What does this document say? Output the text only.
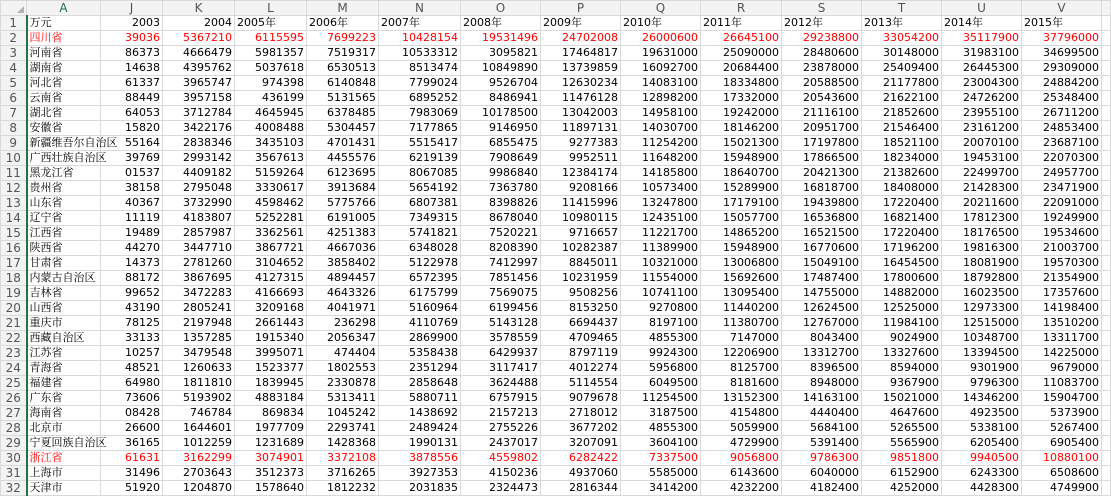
	A	J	K	L	M	N	O	P	Q	R	S	T	U	V	
1	万元	2003	2004	2005年	2006年	2007年	2008年	2009年	2010年	2011年	2012年	2013年	2014年	2015年	
2	四川省	39036	5367210	6115595	7699223	10428154	19531496	24702008	26000600	26645100	29238800	33054200	35117900	37796000	
3	河南省	86373	4666479	5981357	7519317	10533312	3095821	17464817	19631000	25090000	28480600	30148000	31983100	34699500	
4	湖南省	14638	4395762	5037618	6530513	8513474	10849890	13739859	16092700	20684400	23878000	25409400	26445300	29309000	
5	河北省	61337	3965747	974398	6140848	7799024	9526704	12630234	14083100	18334800	20588500	21177800	23004300	24884200	
6	云南省	88449	3957158	436199	5131565	6895252	8486941	11476128	12898200	17332000	20543600	21622100	24726200	25348400	
7	湖北省	64053	3712784	4645945	6378485	7983069	10178500	13042003	14958100	19242000	21116100	21852600	23955100	26711200	
8	安徽省	15820	3422176	4008488	5304457	7177865	9146950	11897131	14030700	18146200	20951700	21546400	23161200	24853400	
9	新疆维吾尔自治区	55164	2838346	3435103	4701431	5515417	6855475	9277383	11254200	15021300	17197800	18521100	20070100	23687100	
10	广西壮族自治区	39769	2993142	3567613	4455576	6219139	7908649	9952511	11648200	15948900	17866500	18234000	19453100	22070300	
11	黑龙江省	01537	4409182	5159264	6123695	8067085	9986840	12384174	14185800	18640700	20421300	21382600	22499700	24957700	
12	贵州省	38158	2795048	3330617	3913684	5654192	7363780	9208166	10573400	15289900	16818700	18408000	21428300	23471900	
13	山东省	40367	3732990	4598462	5775766	6807381	8398826	11415996	13247800	17179100	19439800	17220400	20211600	22091000	
14	辽宁省	11119	4183807	5252281	6191005	7349315	8678040	10980115	12435100	15057700	16536800	16821400	17812300	19249900	
15	江西省	19489	2857987	3362561	4251383	5741821	7520221	9716657	11221700	14865200	16521500	17220400	18176500	19534600	
16	陕西省	44270	3447710	3867721	4667036	6348028	8208390	10282387	11389900	15948900	16770600	17196200	19816300	21003700	
17	甘肃省	14373	2781260	3104652	3858402	5122978	7412997	8845011	10321000	13006800	15049100	16454500	18081900	19570300	
18	内蒙古自治区	88172	3867695	4127315	4894457	6572395	7851456	10231959	11554000	15692600	17487400	17800600	18792800	21354900	
19	吉林省	99652	3472283	4166693	4643326	6175799	7569075	9508256	10741100	13095400	14755000	14882000	16023500	17357600	
20	山西省	43190	2805241	3209168	4041971	5160964	6199456	8153250	9270800	11440200	12624500	12525000	12973300	14198400	
21	重庆市	78125	2197948	2661443	236298	4110769	5143128	6694437	8197100	11380700	12767000	11984100	12515000	13510200	
22	西藏自治区	33133	1357285	1915340	2056347	2869900	3578559	4709465	4855300	7147000	8043400	9024900	10348700	13311700	
23	江苏省	10257	3479548	3995071	474404	5358438	6429937	8797119	9924300	12206900	13312700	13327600	13394500	14225000	
24	青海省	48521	1260633	1523377	1802553	2351294	3117417	4012274	5956800	8125700	8396500	8594000	9301900	9679000	
25	福建省	64980	1811810	1839945	2330878	2858648	3624488	5114554	6049500	8181600	8948000	9367900	9796300	11083700	
26	广东省	73606	5193902	4883184	5313411	5880711	6757915	9079678	11254500	13152300	14163100	15021000	14346200	15904700	
27	海南省	08428	746784	869834	1045242	1438692	2157213	2718012	3187500	4154800	4440400	4647600	4923500	5373900	
28	北京市	26600	1644601	1977709	2293741	2489424	2755226	3677202	4855300	5059900	5684100	5265500	5338100	5267400	
29	宁夏回族自治区	36165	1012259	1231689	1428368	1990131	2437017	3207091	3604100	4729900	5391400	5565900	6205400	6905400	
30	浙江省	61631	3162299	3074901	3372108	3878556	4559802	6282422	7337500	9056800	9786300	9851800	9940500	10880100	
31	上海市	31496	2703643	3512373	3716265	3927353	4150236	4937060	5585000	6143600	6040000	6152900	6243300	6508600	
32	天津市	51920	1204870	1578640	1812232	2031835	2324473	2816344	3414200	4232200	4182400	4252000	4428300	4749900	
